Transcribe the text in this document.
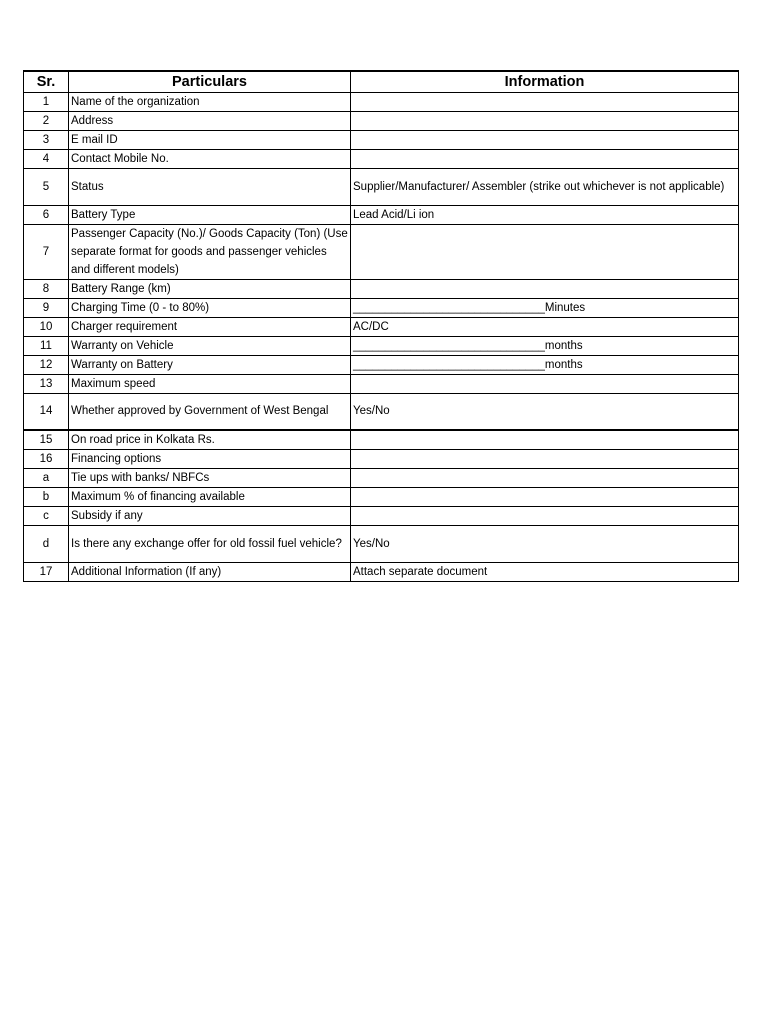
Sr.	Particulars	Information
1	Name of the organization	
2	Address	
3	E mail ID	
4	Contact Mobile No.	
5	Status	Supplier/Manufacturer/ Assembler (strike out whichever is not applicable)
6	Battery Type	Lead Acid/Li ion
7	Passenger Capacity (No.)/ Goods Capacity (Ton) (Use separate format for goods and passenger vehicles and different models)	
8	Battery Range (km)	
9	Charging Time (0 - to 80%)	______________________________Minutes
10	Charger requirement	AC/DC
11	Warranty on Vehicle	______________________________months
12	Warranty on Battery	______________________________months
13	Maximum speed	
14	Whether approved by Government of West Bengal	Yes/No
15	On road price in Kolkata Rs.	
16	Financing options	
a	Tie ups with banks/ NBFCs	
b	Maximum % of financing available	
c	Subsidy if any	
d	Is there any exchange offer for old fossil fuel vehicle?	Yes/No
17	Additional Information (If any)	Attach separate document
